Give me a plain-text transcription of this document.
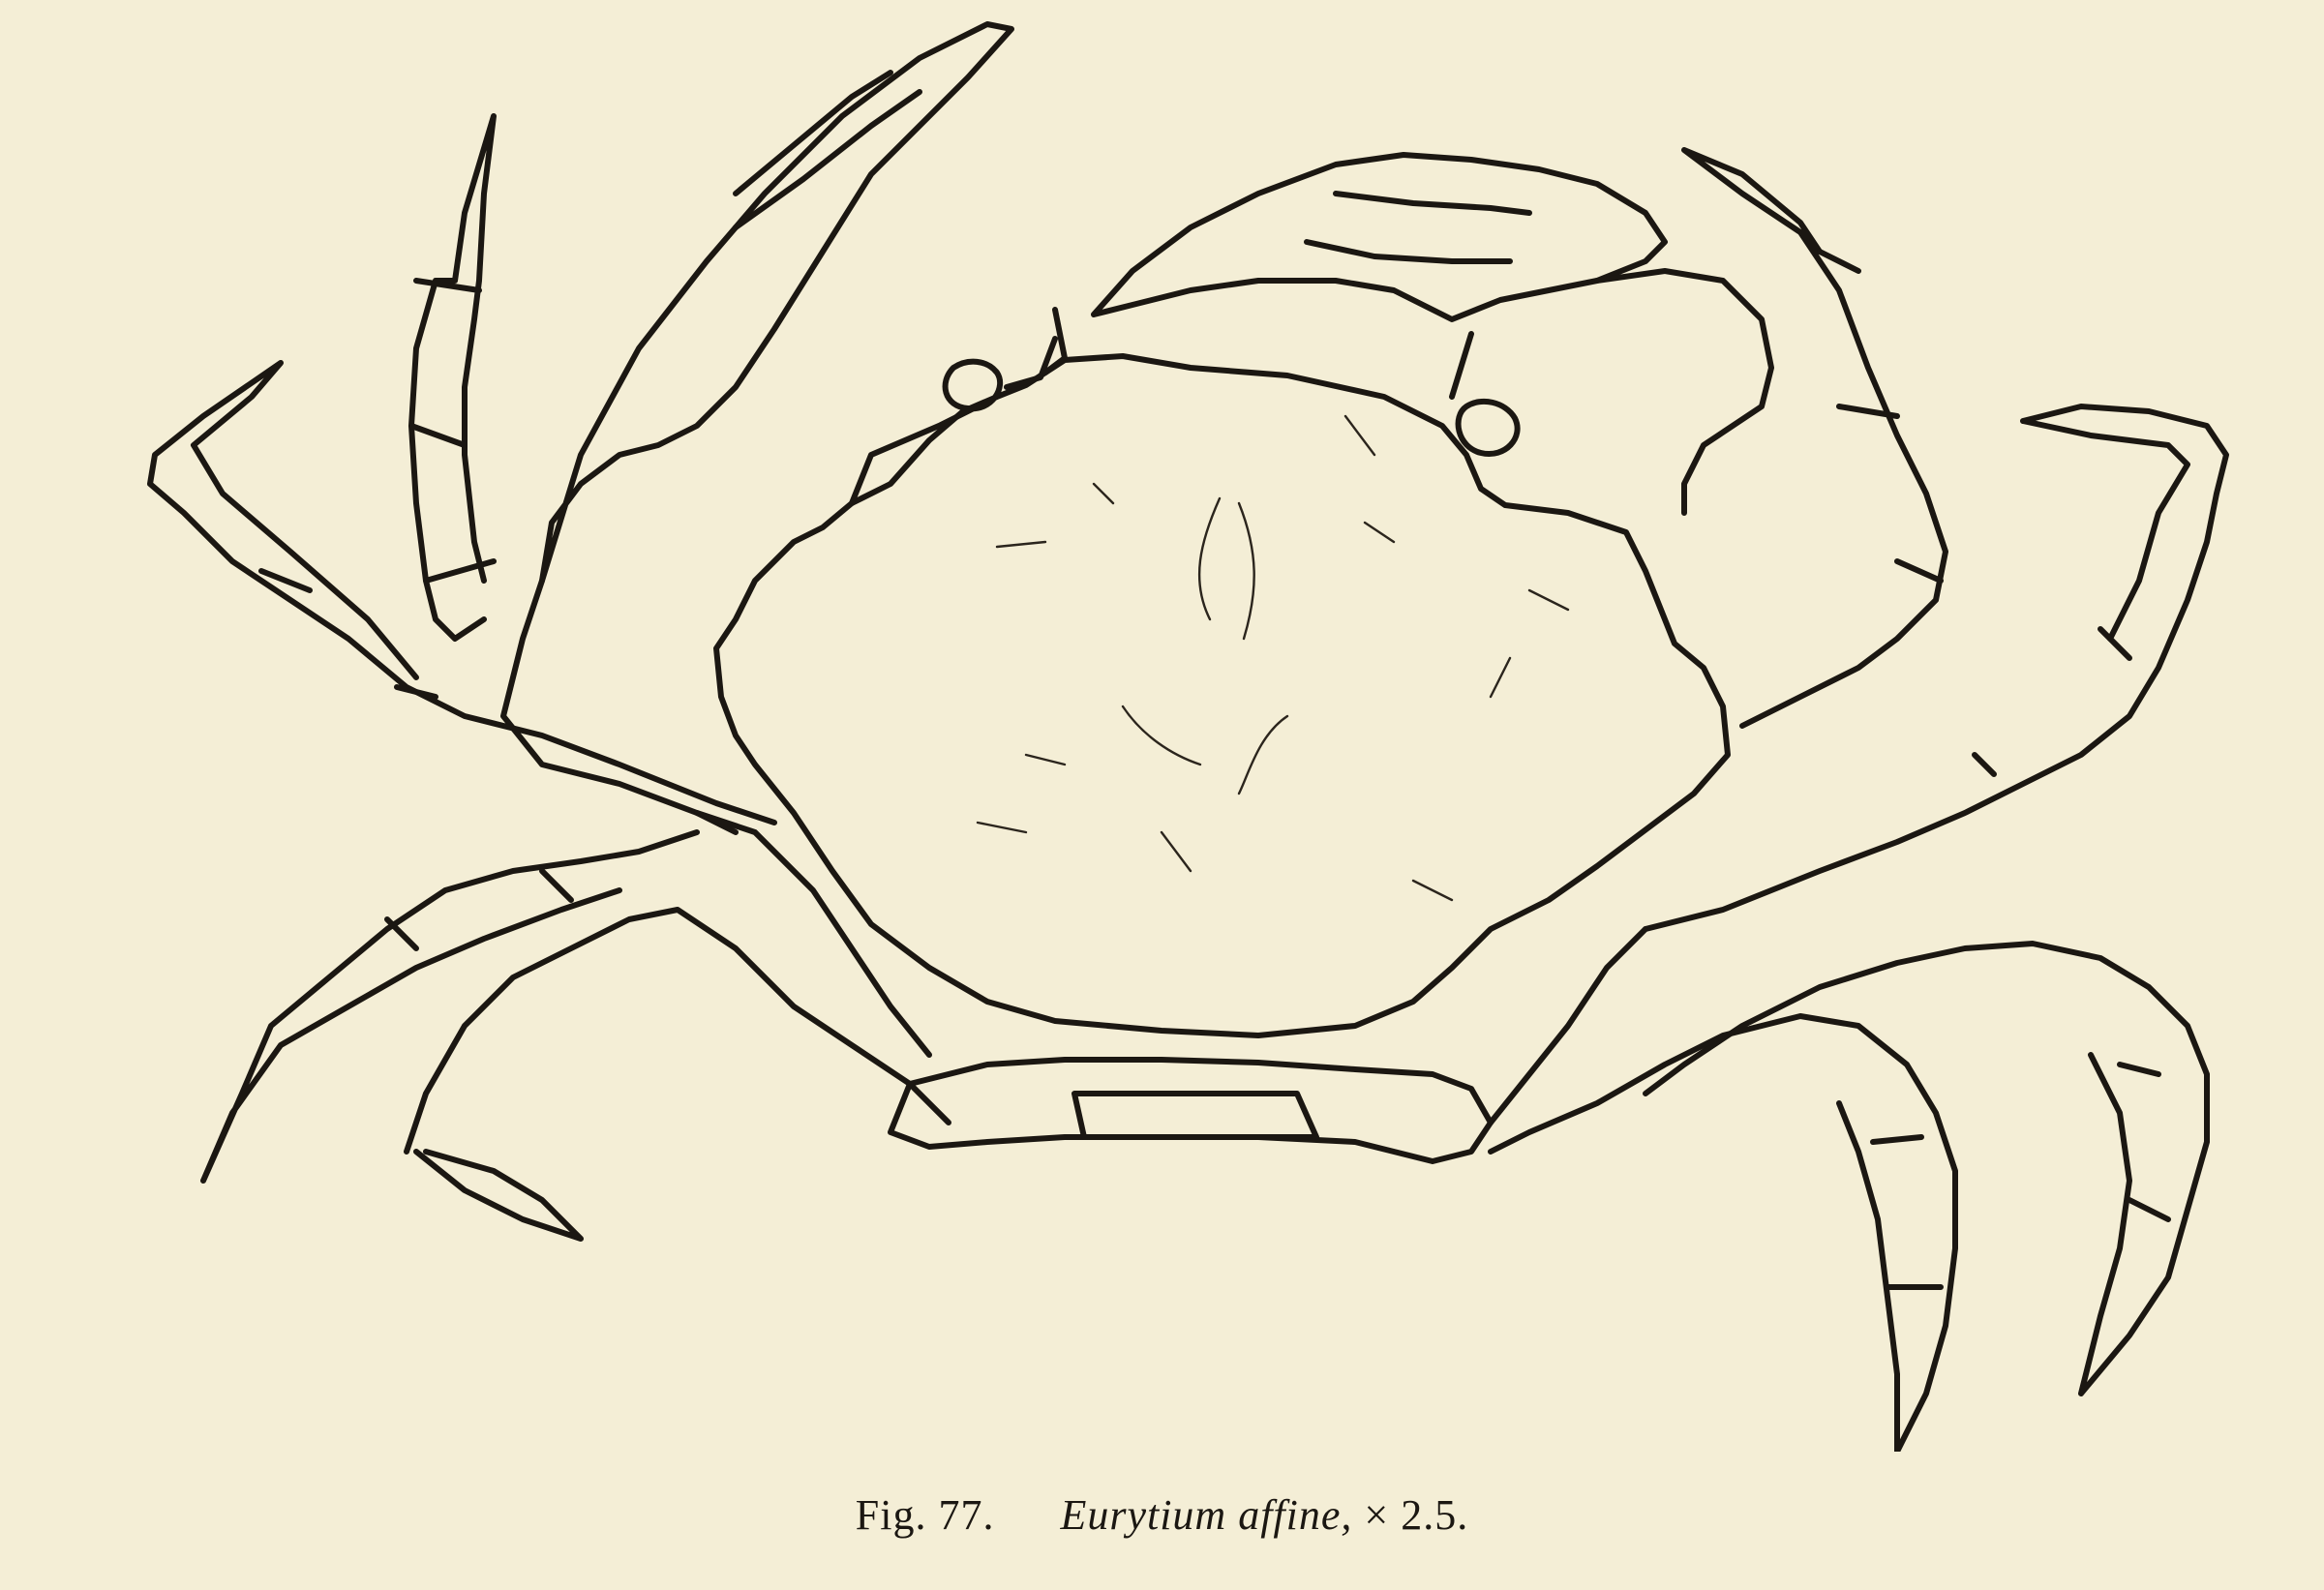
Fig. 77. Eurytium affine, × 2.5.
